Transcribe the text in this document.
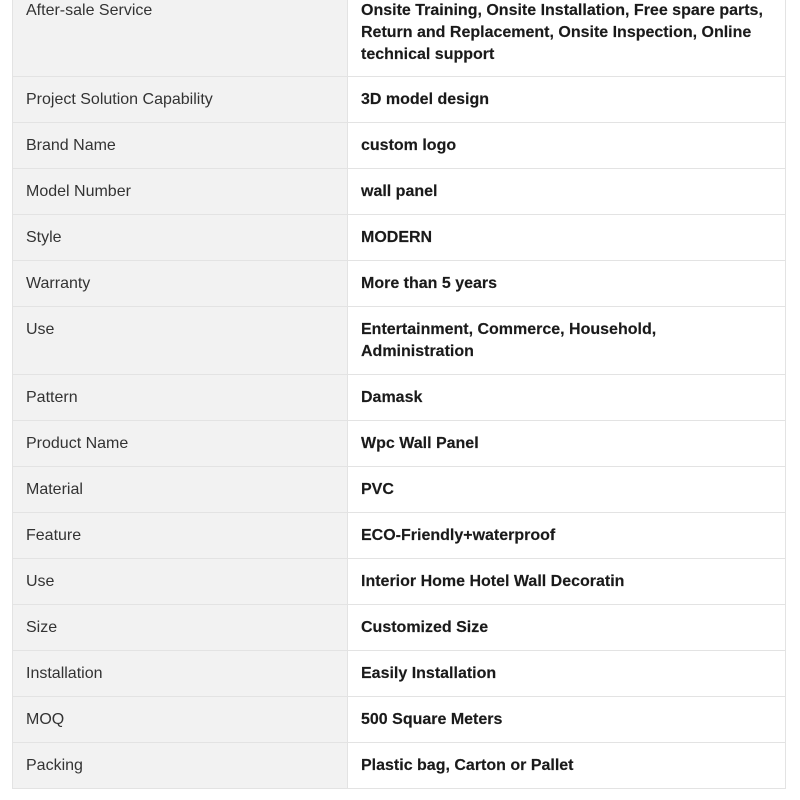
After-sale Service	Onsite Training, Onsite Installation, Free spare parts, Return and Replacement, Onsite Inspection, Online technical support
Project Solution Capability	3D model design
Brand Name	custom logo
Model Number	wall panel
Style	MODERN
Warranty	More than 5 years
Use	Entertainment, Commerce, Household, Administration
Pattern	Damask
Product Name	Wpc Wall Panel
Material	PVC
Feature	ECO-Friendly+waterproof
Use	Interior Home Hotel Wall Decoratin
Size	Customized Size
Installation	Easily Installation
MOQ	500 Square Meters
Packing	Plastic bag, Carton or Pallet
